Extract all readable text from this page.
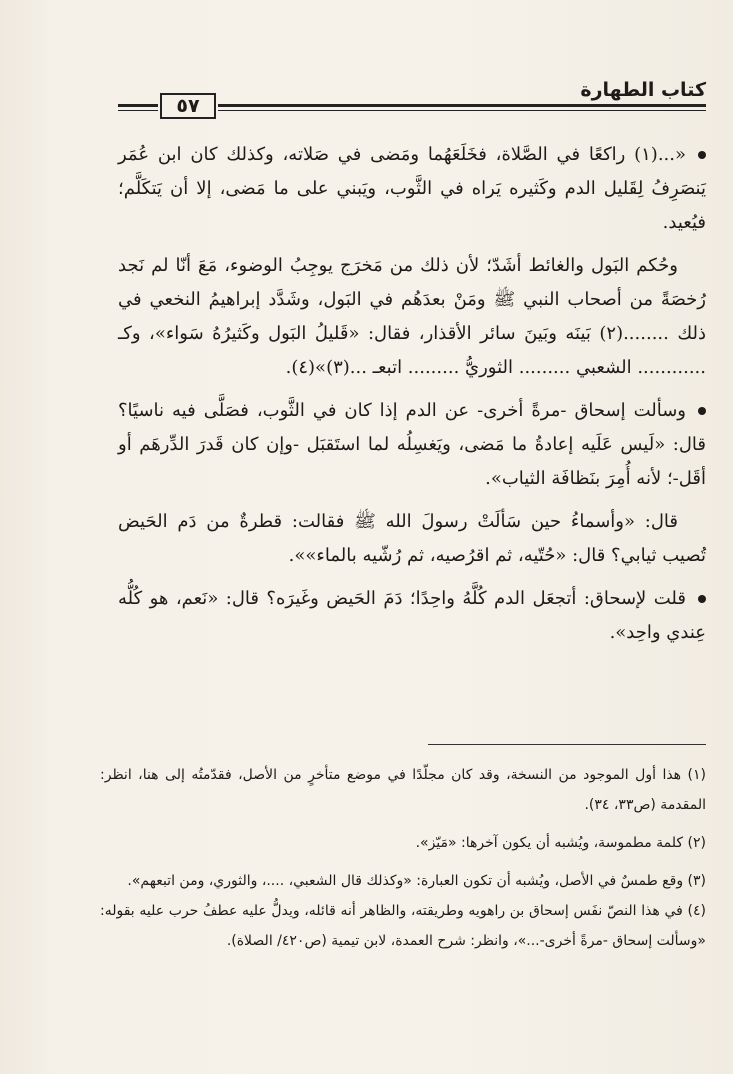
كتاب الطهارة
٥٧

«...(١) راكعًا في الصَّلاة، فخَلَعَهُما ومَضى في صَلاته، وكذلك كان ابن عُمَر يَنصَرِفُ لِقَليل الدم وكَثيره يَراه في الثَّوب، ويَبني على ما مَضى، إلا أن يَتكَلَّم؛ فيُعيد.

وحُكم البَول والغائط أشَدّ؛ لأن ذلك من مَخرَج يوجِبُ الوضوء، مَعَ أنّا لم نَجد رُخصَةً من أصحاب النبي ﷺ ومَنْ بعدَهُم في البَول، وشَدَّد إبراهيمُ النخعي في ذلك ........(٢) بَينَه وبَينَ سائر الأقذار، فقال: «قَليلُ البَول وكَثيرُهُ سَواء»، وكـ ............ الشعبي ......... الثوريُّ ......... اتبعـ ...(٣)»(٤).

وسألت إسحاق -مرةً أخرى- عن الدم إذا كان في الثَّوب، فصَلَّى فيه ناسيًا؟ قال: «لَيس عَلَيه إعادةُ ما مَضى، ويَغسِلُه لما استَقبَل -وإن كان قَدرَ الدِّرهَم أو أقَل-؛ لأنه أُمِرَ بنَظافَة الثياب».

قال: «وأسماءُ حين سَألَتْ رسولَ الله ﷺ فقالت: قطرةٌ من دَم الحَيض تُصيب ثيابي؟ قال: «حُتّيه، ثم اقرُصيه، ثم رُشّيه بالماء»».

قلت لإسحاق: أتجعَل الدم كُلَّهُ واحِدًا؛ دَمَ الحَيض وغَيرَه؟ قال: «نَعم، هو كُلُّه عِندي واحِد».

(١) هذا أول الموجود من النسخة، وقد كان مجلّدًا في موضع متأخرٍ من الأصل، فقدّمتُه إلى هنا، انظر: المقدمة (ص٣٣، ٣٤).

(٢) كلمة مطموسة، ويُشبه أن يكون آخرها: «مَيّز».

(٣) وقع طمسٌ في الأصل، ويُشبه أن تكون العبارة: «وكذلك قال الشعبي، ....، والثوري، ومن اتبعهم».

(٤) في هذا النصّ نفَس إسحاق بن راهويه وطريقته، والظاهر أنه قائله، ويدلُّ عليه عطفُ حرب عليه بقوله: «وسألت إسحاق -مرةً أخرى-...»، وانظر: شرح العمدة، لابن تيمية (ص٤٢٠/ الصلاة).
